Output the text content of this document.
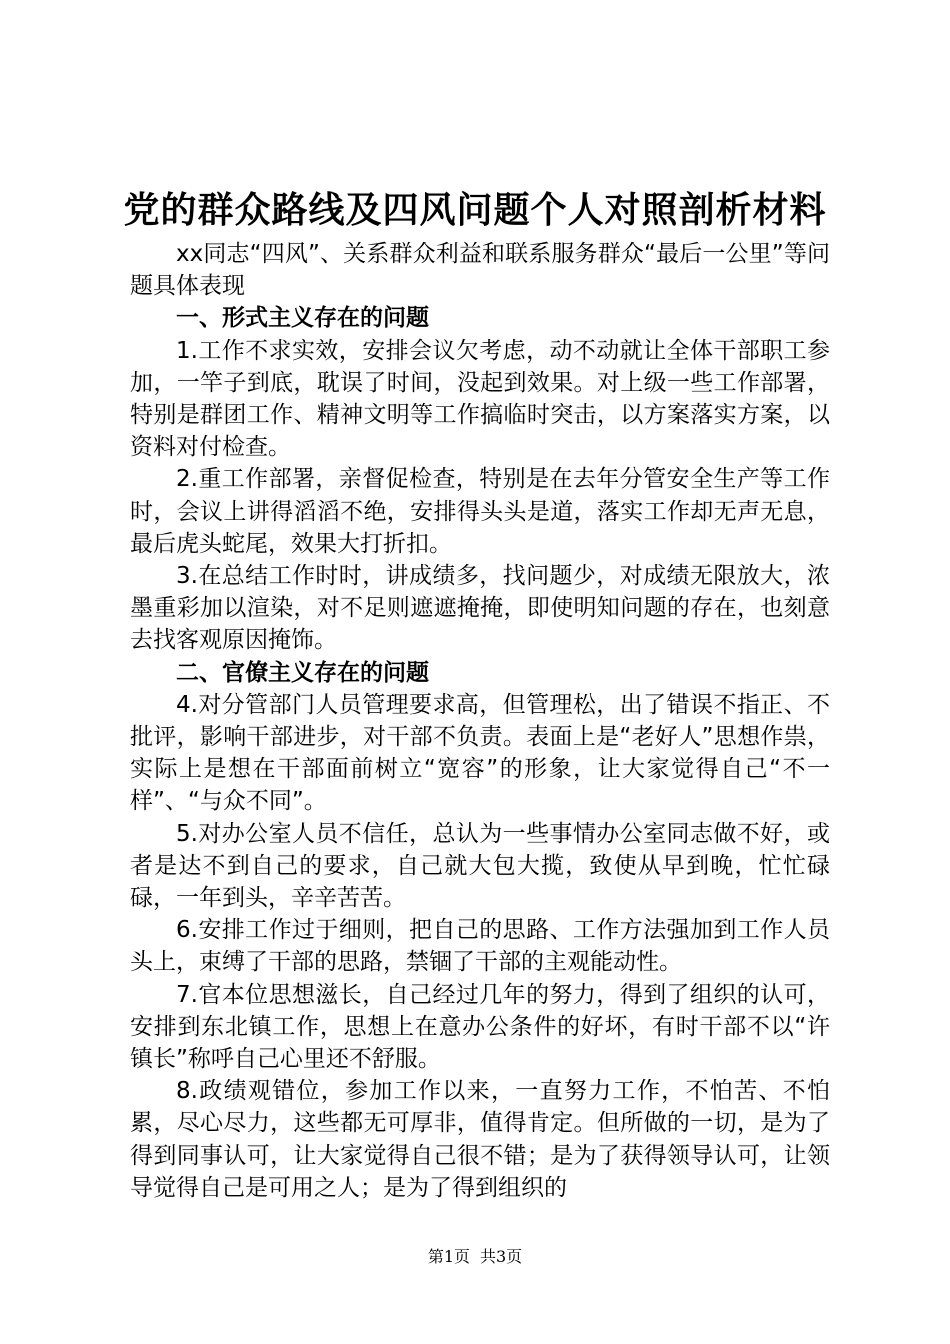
党的群众路线及四风问题个人对照剖析材料

xx同志“四风”、关系群众利益和联系服务群众“最后一公里”等问题具体表现

一、形式主义存在的问题

1.工作不求实效，安排会议欠考虑，动不动就让全体干部职工参加，一竿子到底，耽误了时间，没起到效果。对上级一些工作部署，特别是群团工作、精神文明等工作搞临时突击，以方案落实方案，以资料对付检查。

2.重工作部署，亲督促检查，特别是在去年分管安全生产等工作时，会议上讲得滔滔不绝，安排得头头是道，落实工作却无声无息，最后虎头蛇尾，效果大打折扣。

3.在总结工作时时，讲成绩多，找问题少，对成绩无限放大，浓墨重彩加以渲染，对不足则遮遮掩掩，即使明知问题的存在，也刻意去找客观原因掩饰。

二、官僚主义存在的问题

4.对分管部门人员管理要求高，但管理松，出了错误不指正、不批评，影响干部进步，对干部不负责。表面上是“老好人”思想作祟，实际上是想在干部面前树立“宽容”的形象，让大家觉得自己“不一样”、“与众不同”。

5.对办公室人员不信任，总认为一些事情办公室同志做不好，或者是达不到自己的要求，自己就大包大揽，致使从早到晚，忙忙碌碌，一年到头，辛辛苦苦。

6.安排工作过于细则，把自己的思路、工作方法强加到工作人员头上，束缚了干部的思路，禁锢了干部的主观能动性。

7.官本位思想滋长，自己经过几年的努力，得到了组织的认可，安排到东北镇工作，思想上在意办公条件的好坏，有时干部不以“许镇长”称呼自己心里还不舒服。

8.政绩观错位，参加工作以来，一直努力工作，不怕苦、不怕累，尽心尽力，这些都无可厚非，值得肯定。但所做的一切，是为了得到同事认可，让大家觉得自己很不错；是为了获得领导认可，让领导觉得自己是可用之人；是为了得到组织的

第1页 共3页
